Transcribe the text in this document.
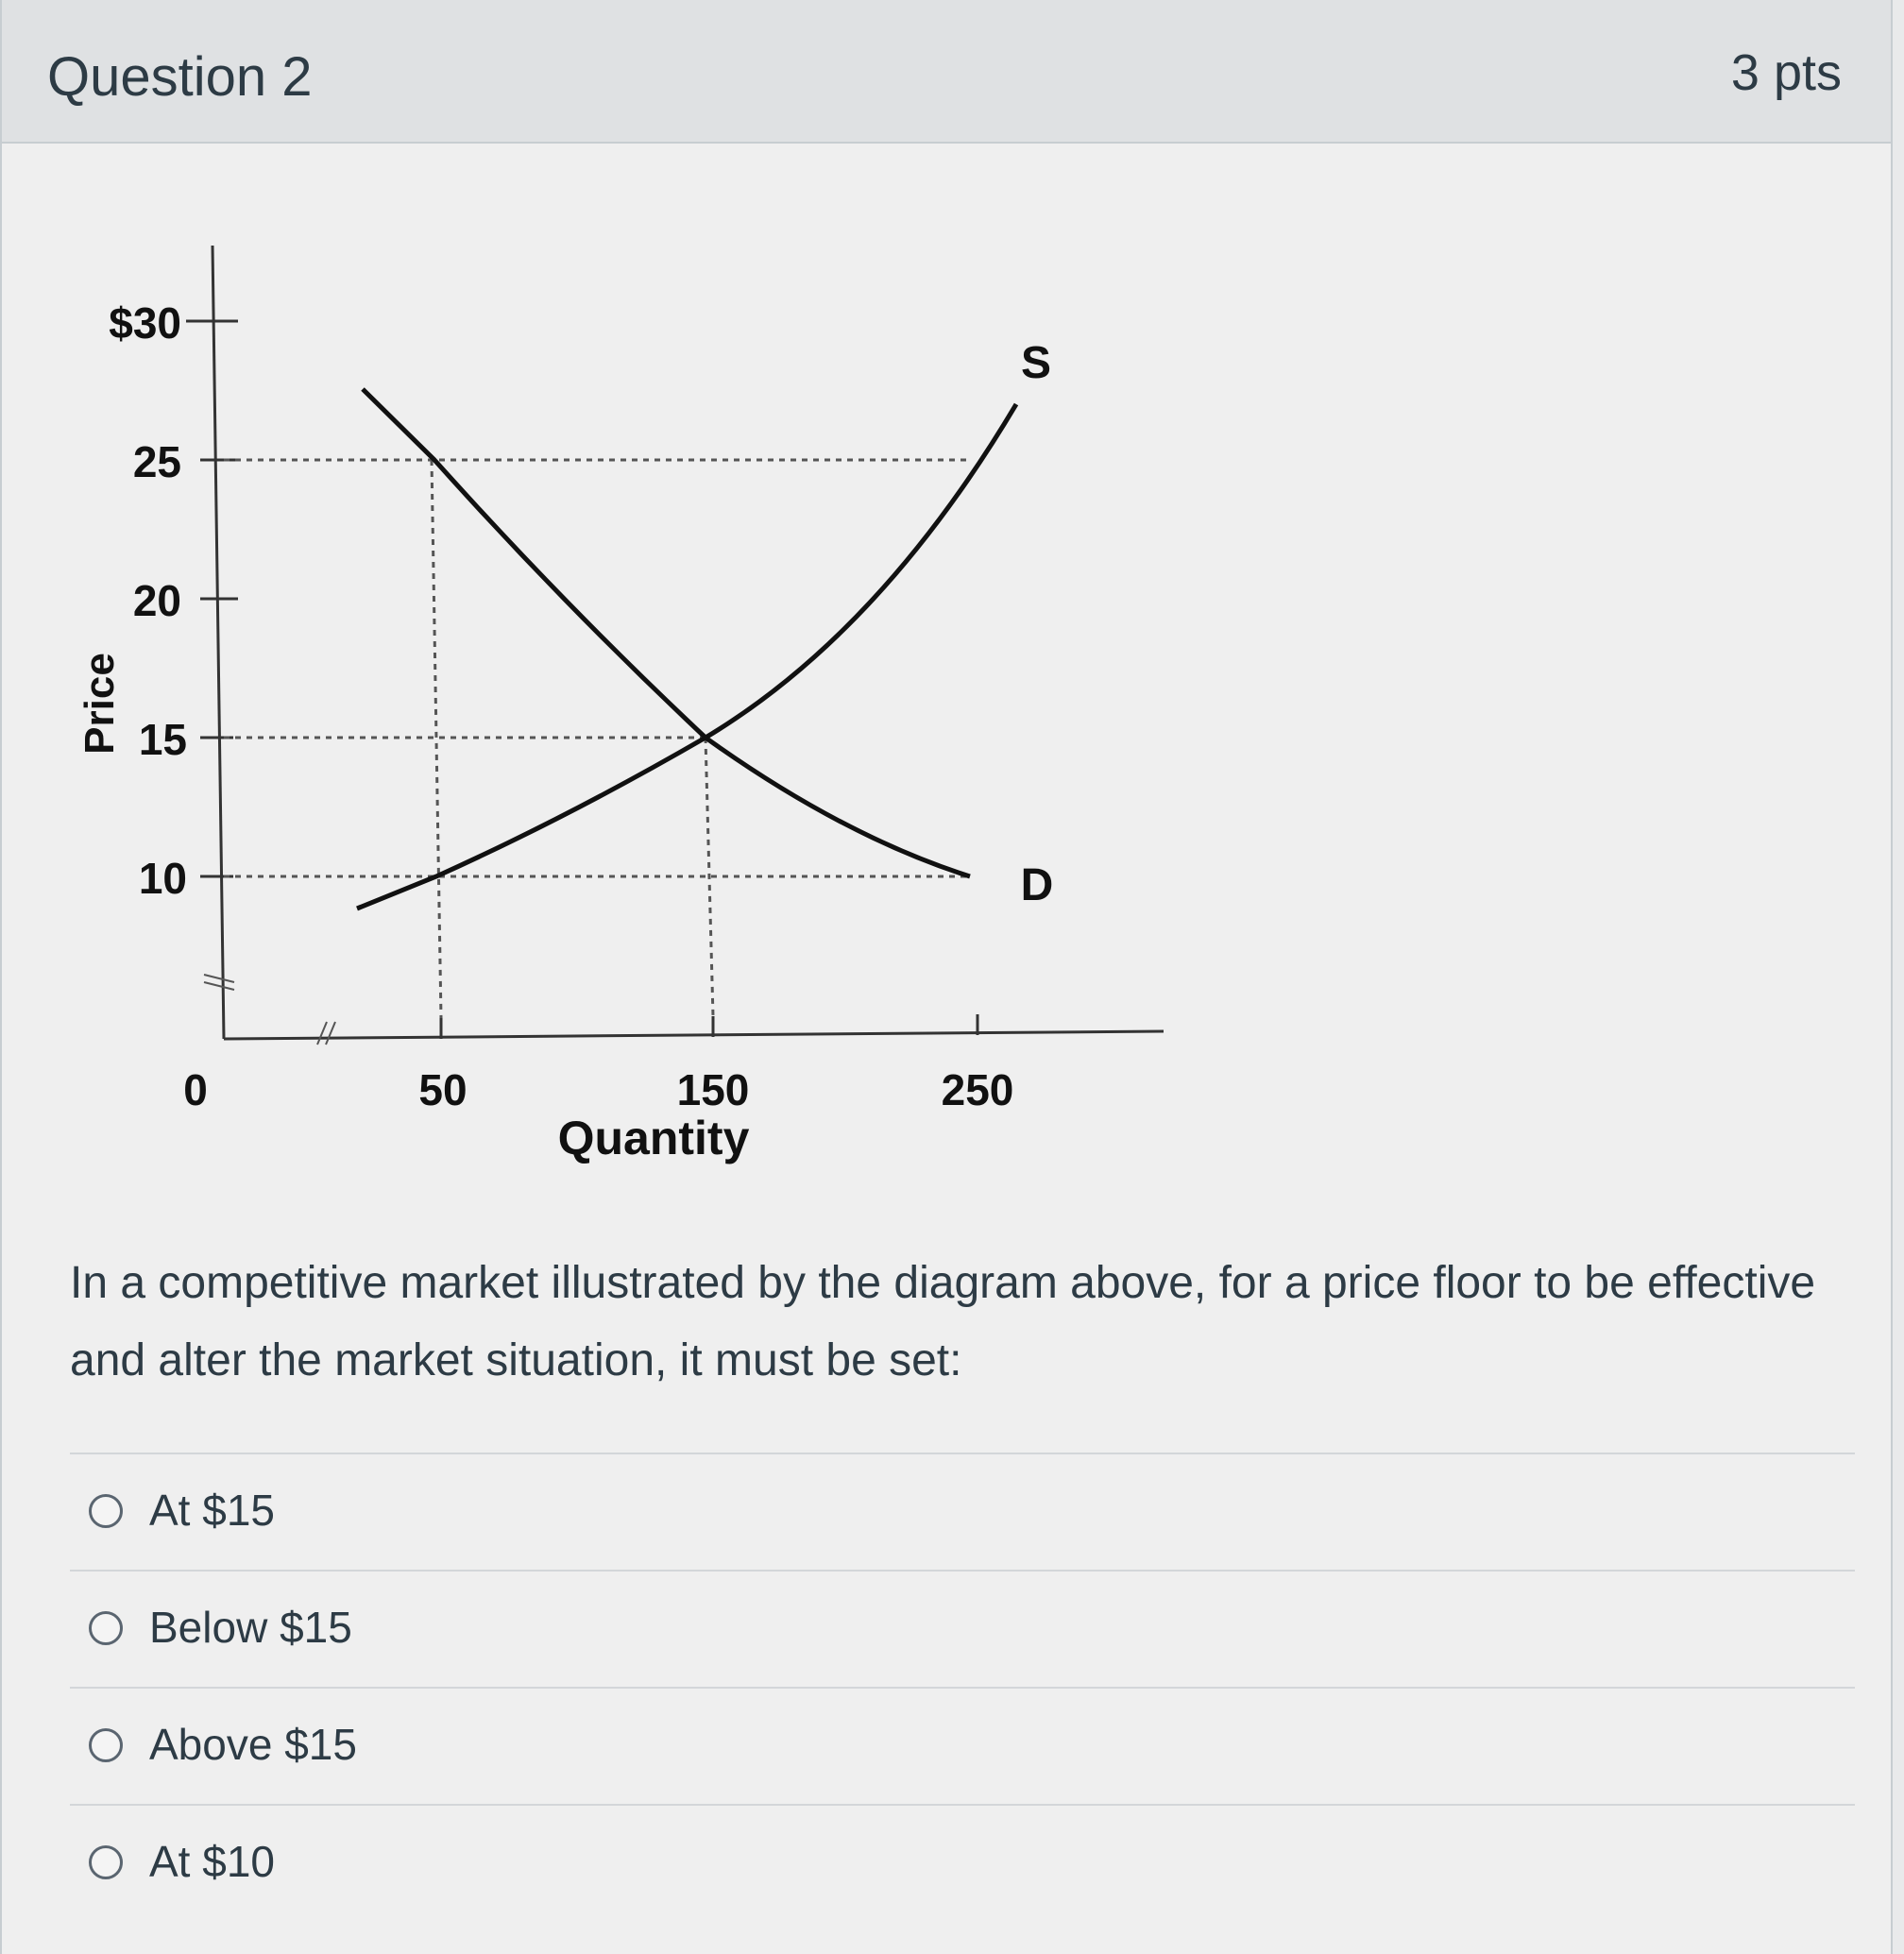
Question 2	3 pts
$30
25
20
15
10
Price
0	50	150	250
Quantity
S
D
In a competitive market illustrated by the diagram above, for a price floor to be effective and alter the market situation, it must be set:
At $15
Below $15
Above $15
At $10
